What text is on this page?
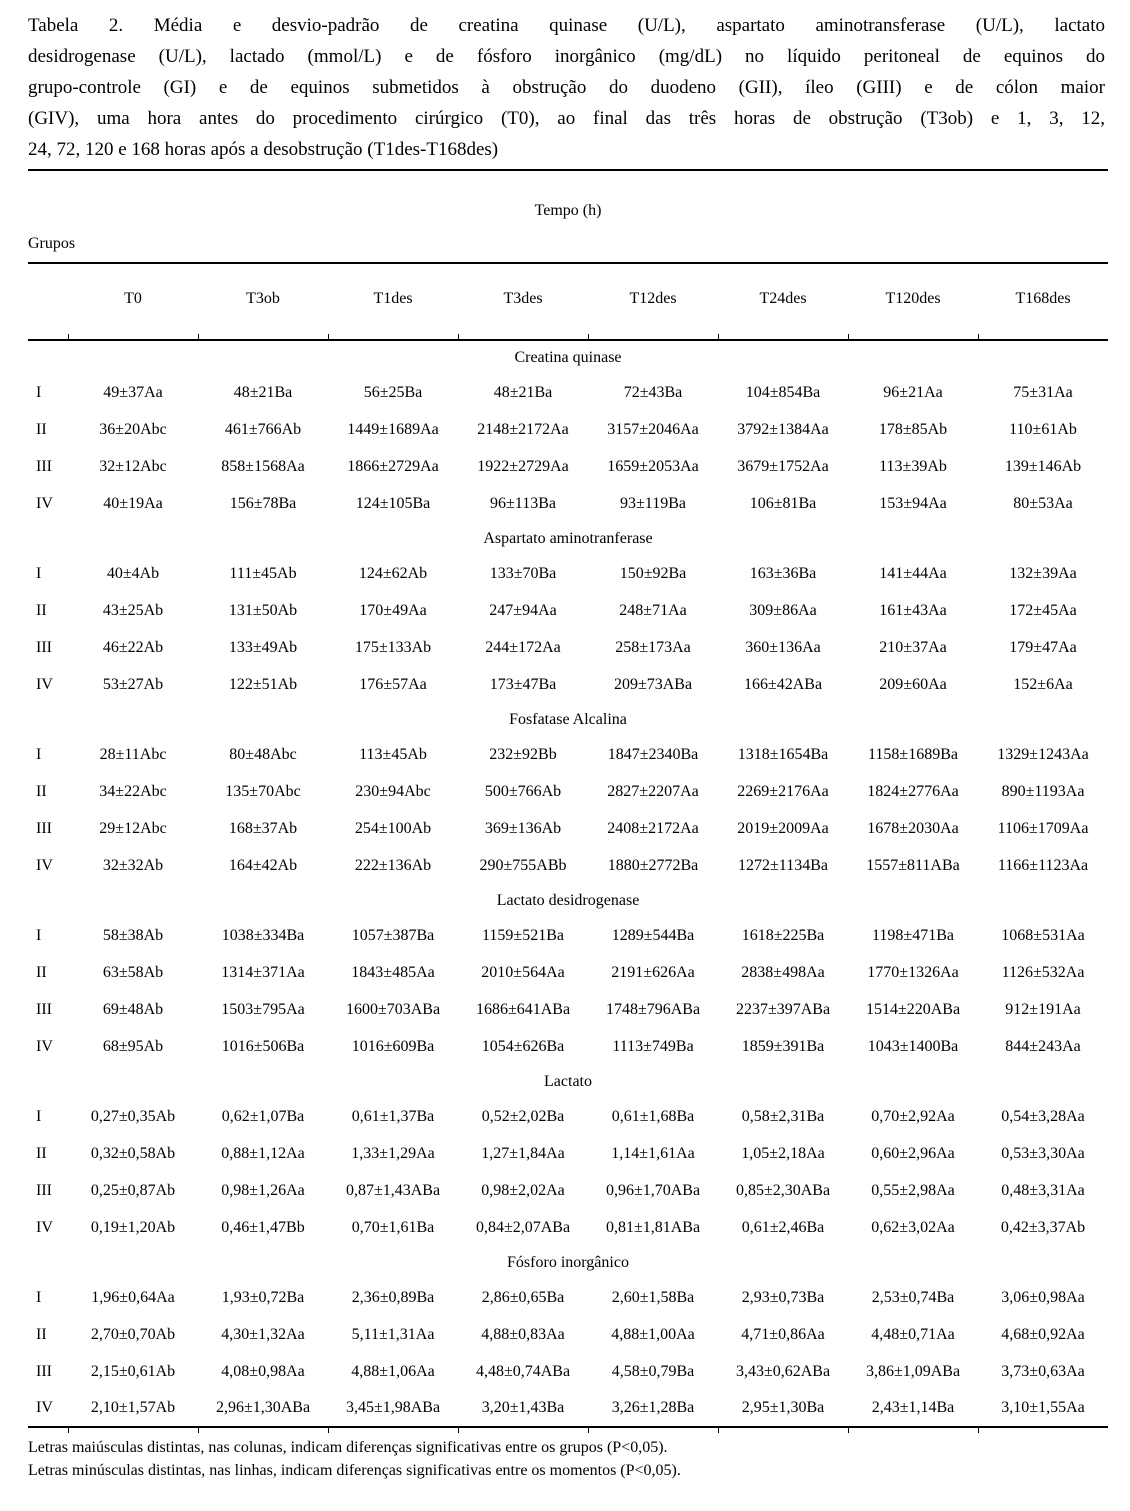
Tabela 2. Média e desvio-padrão de creatina quinase (U/L), aspartato aminotransferase (U/L), lactato
desidrogenase (U/L), lactado (mmol/L) e de fósforo inorgânico (mg/dL) no líquido peritoneal de equinos do
grupo-controle (GI) e de equinos submetidos à obstrução do duodeno (GII), íleo (GIII) e de cólon maior
(GIV), uma hora antes do procedimento cirúrgico (T0), ao final das três horas de obstrução (T3ob) e 1, 3, 12,
24, 72, 120 e 168 horas após a desobstrução (T1des-T168des)
Tempo (h)
Grupos
	T0	T3ob	T1des	T3des	T12des	T24des	T120des	T168des

Creatina quinase								
I	49±37Aa	48±21Ba	56±25Ba	48±21Ba	72±43Ba	104±854Ba	96±21Aa	75±31Aa
II	36±20Abc	461±766Ab	1449±1689Aa	2148±2172Aa	3157±2046Aa	3792±1384Aa	178±85Ab	110±61Ab
III	32±12Abc	858±1568Aa	1866±2729Aa	1922±2729Aa	1659±2053Aa	3679±1752Aa	113±39Ab	139±146Ab
IV	40±19Aa	156±78Ba	124±105Ba	96±113Ba	93±119Ba	106±81Ba	153±94Aa	80±53Aa
Aspartato aminotranferase								
I	40±4Ab	111±45Ab	124±62Ab	133±70Ba	150±92Ba	163±36Ba	141±44Aa	132±39Aa
II	43±25Ab	131±50Ab	170±49Aa	247±94Aa	248±71Aa	309±86Aa	161±43Aa	172±45Aa
III	46±22Ab	133±49Ab	175±133Ab	244±172Aa	258±173Aa	360±136Aa	210±37Aa	179±47Aa
IV	53±27Ab	122±51Ab	176±57Aa	173±47Ba	209±73ABa	166±42ABa	209±60Aa	152±6Aa
Fosfatase Alcalina								
I	28±11Abc	80±48Abc	113±45Ab	232±92Bb	1847±2340Ba	1318±1654Ba	1158±1689Ba	1329±1243Aa
II	34±22Abc	135±70Abc	230±94Abc	500±766Ab	2827±2207Aa	2269±2176Aa	1824±2776Aa	890±1193Aa
III	29±12Abc	168±37Ab	254±100Ab	369±136Ab	2408±2172Aa	2019±2009Aa	1678±2030Aa	1106±1709Aa
IV	32±32Ab	164±42Ab	222±136Ab	290±755ABb	1880±2772Ba	1272±1134Ba	1557±811ABa	1166±1123Aa
Lactato desidrogenase								
I	58±38Ab	1038±334Ba	1057±387Ba	1159±521Ba	1289±544Ba	1618±225Ba	1198±471Ba	1068±531Aa
II	63±58Ab	1314±371Aa	1843±485Aa	2010±564Aa	2191±626Aa	2838±498Aa	1770±1326Aa	1126±532Aa
III	69±48Ab	1503±795Aa	1600±703ABa	1686±641ABa	1748±796ABa	2237±397ABa	1514±220ABa	912±191Aa
IV	68±95Ab	1016±506Ba	1016±609Ba	1054±626Ba	1113±749Ba	1859±391Ba	1043±1400Ba	844±243Aa
Lactato								
I	0,27±0,35Ab	0,62±1,07Ba	0,61±1,37Ba	0,52±2,02Ba	0,61±1,68Ba	0,58±2,31Ba	0,70±2,92Aa	0,54±3,28Aa
II	0,32±0,58Ab	0,88±1,12Aa	1,33±1,29Aa	1,27±1,84Aa	1,14±1,61Aa	1,05±2,18Aa	0,60±2,96Aa	0,53±3,30Aa
III	0,25±0,87Ab	0,98±1,26Aa	0,87±1,43ABa	0,98±2,02Aa	0,96±1,70ABa	0,85±2,30ABa	0,55±2,98Aa	0,48±3,31Aa
IV	0,19±1,20Ab	0,46±1,47Bb	0,70±1,61Ba	0,84±2,07ABa	0,81±1,81ABa	0,61±2,46Ba	0,62±3,02Aa	0,42±3,37Ab
Fósforo inorgânico								
I	1,96±0,64Aa	1,93±0,72Ba	2,36±0,89Ba	2,86±0,65Ba	2,60±1,58Ba	2,93±0,73Ba	2,53±0,74Ba	3,06±0,98Aa
II	2,70±0,70Ab	4,30±1,32Aa	5,11±1,31Aa	4,88±0,83Aa	4,88±1,00Aa	4,71±0,86Aa	4,48±0,71Aa	4,68±0,92Aa
III	2,15±0,61Ab	4,08±0,98Aa	4,88±1,06Aa	4,48±0,74ABa	4,58±0,79Ba	3,43±0,62ABa	3,86±1,09ABa	3,73±0,63Aa
IV	2,10±1,57Ab	2,96±1,30ABa	3,45±1,98ABa	3,20±1,43Ba	3,26±1,28Ba	2,95±1,30Ba	2,43±1,14Ba	3,10±1,55Aa

Letras maiúsculas distintas, nas colunas, indicam diferenças significativas entre os grupos (P<0,05).
Letras minúsculas distintas, nas linhas, indicam diferenças significativas entre os momentos (P<0,05).
